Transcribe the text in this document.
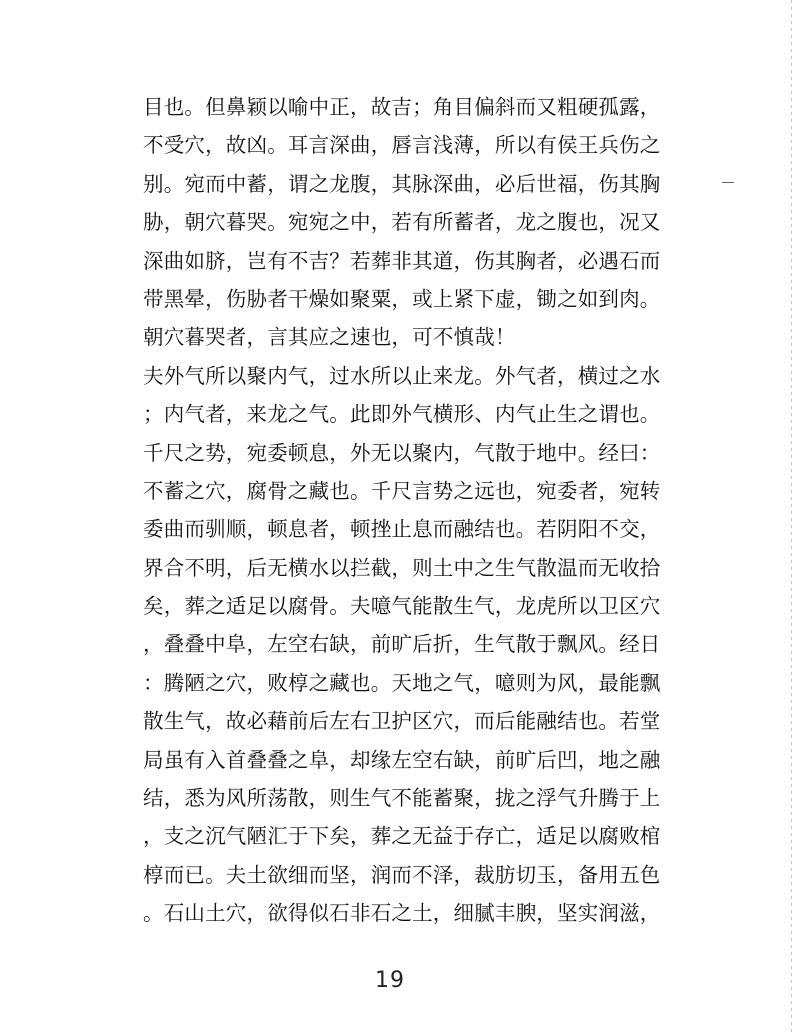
目也。但鼻颖以喻中正，故吉；角目偏斜而又粗硬孤露，
不受穴，故凶。耳言深曲，唇言浅薄，所以有侯王兵伤之
别。宛而中蓄，谓之龙腹，其脉深曲，必后世福，伤其胸
胁，朝穴暮哭。宛宛之中，若有所蓄者，龙之腹也，况又
深曲如脐，岂有不吉？若葬非其道，伤其胸者，必遇石而
带黑晕，伤胁者干燥如聚粟，或上紧下虚，锄之如到肉。
朝穴暮哭者，言其应之速也，可不慎哉！
夫外气所以聚内气，过水所以止来龙。外气者，横过之水
；内气者，来龙之气。此即外气横形、内气止生之谓也。
千尺之势，宛委顿息，外无以聚内，气散于地中。经曰：
不蓄之穴，腐骨之藏也。千尺言势之远也，宛委者，宛转
委曲而驯顺，顿息者，顿挫止息而融结也。若阴阳不交，
界合不明，后无横水以拦截，则土中之生气散温而无收拾
矣，葬之适足以腐骨。夫噫气能散生气，龙虎所以卫区穴
，叠叠中阜，左空右缺，前旷后折，生气散于飘风。经日
：腾陋之穴，败椁之藏也。天地之气，噫则为风，最能飘
散生气，故必藉前后左右卫护区穴，而后能融结也。若堂
局虽有入首叠叠之阜，却缘左空右缺，前旷后凹，地之融
结，悉为风所荡散，则生气不能蓄聚，拢之浮气升腾于上
，支之沉气陋汇于下矣，葬之无益于存亡，适足以腐败棺
椁而已。夫土欲细而坚，润而不泽，裁肪切玉，备用五色
。石山土穴，欲得似石非石之土，细腻丰腴，坚实润滋，
19
